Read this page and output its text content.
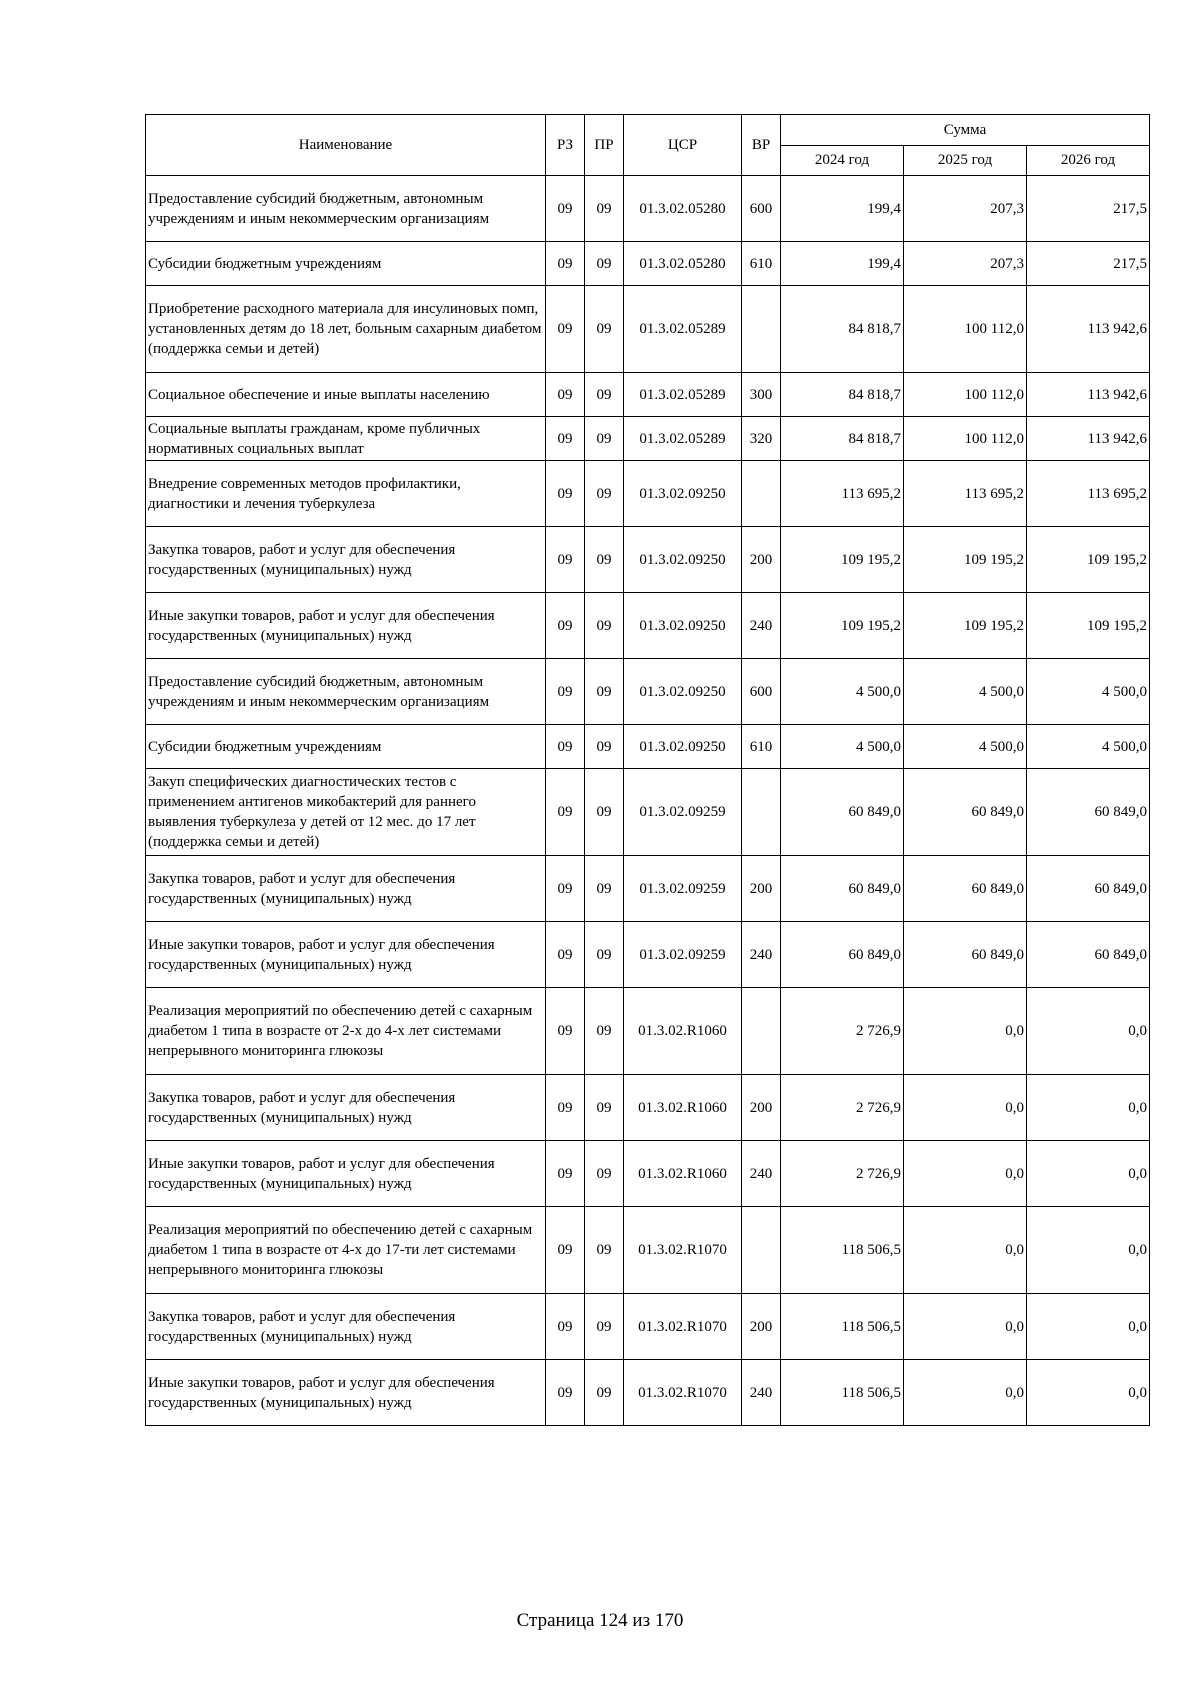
Наименование	РЗ	ПР	ЦСР	ВР	Сумма		
					2024 год	2025 год	2026 год
Предоставление субсидий бюджетным, автономным учреждениям и иным некоммерческим организациям	09	09	01.3.02.05280	600	199,4	207,3	217,5
Субсидии бюджетным учреждениям	09	09	01.3.02.05280	610	199,4	207,3	217,5
Приобретение расходного материала для инсулиновых помп, установленных детям до 18 лет, больным сахарным диабетом (поддержка семьи и детей)	09	09	01.3.02.05289		84 818,7	100 112,0	113 942,6
Социальное обеспечение и иные выплаты населению	09	09	01.3.02.05289	300	84 818,7	100 112,0	113 942,6
Социальные выплаты гражданам, кроме публичных нормативных социальных выплат	09	09	01.3.02.05289	320	84 818,7	100 112,0	113 942,6
Внедрение современных методов профилактики, диагностики и лечения туберкулеза	09	09	01.3.02.09250		113 695,2	113 695,2	113 695,2
Закупка товаров, работ и услуг для обеспечения государственных (муниципальных) нужд	09	09	01.3.02.09250	200	109 195,2	109 195,2	109 195,2
Иные закупки товаров, работ и услуг для обеспечения государственных (муниципальных) нужд	09	09	01.3.02.09250	240	109 195,2	109 195,2	109 195,2
Предоставление субсидий бюджетным, автономным учреждениям и иным некоммерческим организациям	09	09	01.3.02.09250	600	4 500,0	4 500,0	4 500,0
Субсидии бюджетным учреждениям	09	09	01.3.02.09250	610	4 500,0	4 500,0	4 500,0
Закуп специфических диагностических тестов с применением антигенов микобактерий для раннего выявления туберкулеза у детей от 12 мес. до 17 лет (поддержка семьи и детей)	09	09	01.3.02.09259		60 849,0	60 849,0	60 849,0
Закупка товаров, работ и услуг для обеспечения государственных (муниципальных) нужд	09	09	01.3.02.09259	200	60 849,0	60 849,0	60 849,0
Иные закупки товаров, работ и услуг для обеспечения государственных (муниципальных) нужд	09	09	01.3.02.09259	240	60 849,0	60 849,0	60 849,0
Реализация мероприятий по обеспечению детей с сахарным диабетом 1 типа в возрасте от 2-х до 4-х лет системами непрерывного мониторинга глюкозы	09	09	01.3.02.R1060		2 726,9	0,0	0,0
Закупка товаров, работ и услуг для обеспечения государственных (муниципальных) нужд	09	09	01.3.02.R1060	200	2 726,9	0,0	0,0
Иные закупки товаров, работ и услуг для обеспечения государственных (муниципальных) нужд	09	09	01.3.02.R1060	240	2 726,9	0,0	0,0
Реализация мероприятий по обеспечению детей с сахарным диабетом 1 типа в возрасте от 4-х до 17-ти лет системами непрерывного мониторинга глюкозы	09	09	01.3.02.R1070		118 506,5	0,0	0,0
Закупка товаров, работ и услуг для обеспечения государственных (муниципальных) нужд	09	09	01.3.02.R1070	200	118 506,5	0,0	0,0
Иные закупки товаров, работ и услуг для обеспечения государственных (муниципальных) нужд	09	09	01.3.02.R1070	240	118 506,5	0,0	0,0
Страница 124 из 170
